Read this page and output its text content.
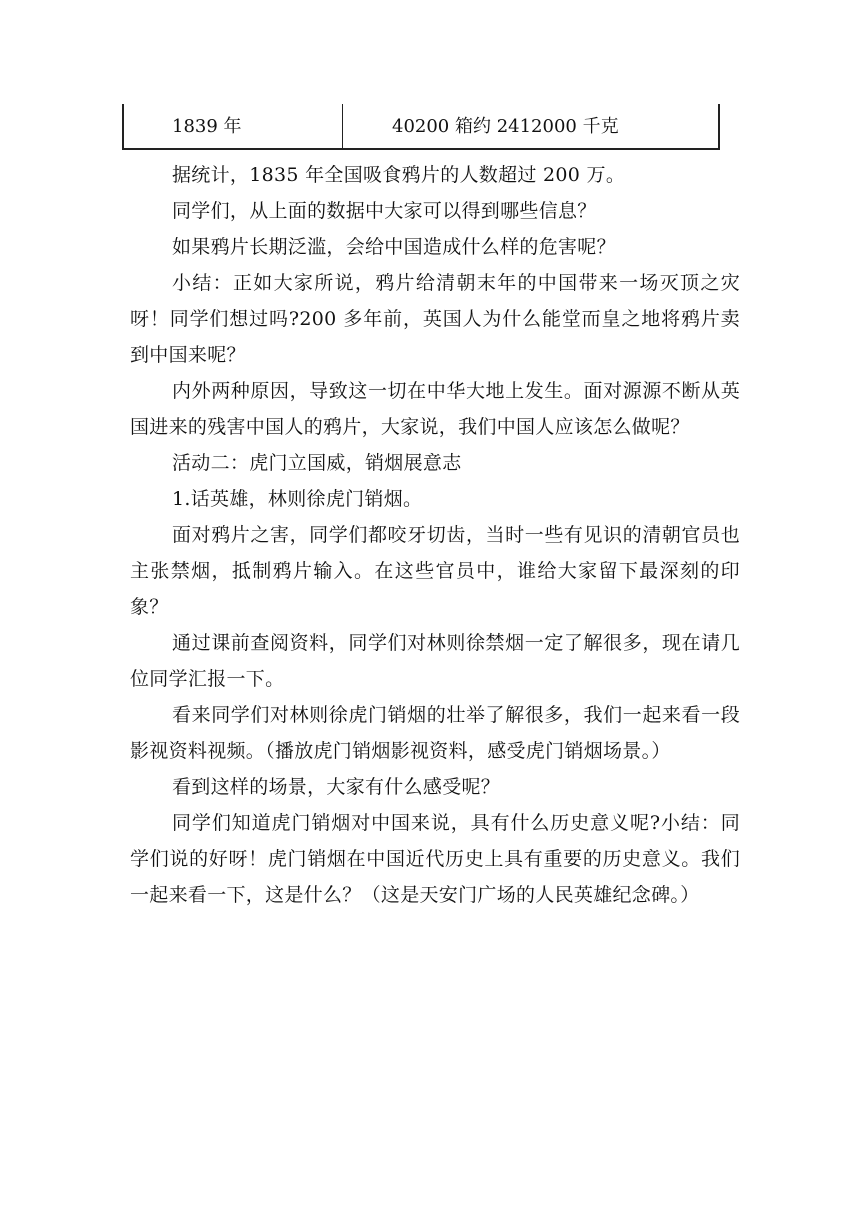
1839 年	40200 箱约 2412000 千克

据统计，1835 年全国吸食鸦片的人数超过 200 万。

同学们，从上面的数据中大家可以得到哪些信息？

如果鸦片长期泛滥，会给中国造成什么样的危害呢？

小结：正如大家所说，鸦片给清朝末年的中国带来一场灭顶之灾呀！同学们想过吗?200 多年前，英国人为什么能堂而皇之地将鸦片卖到中国来呢？

内外两种原因，导致这一切在中华大地上发生。面对源源不断从英国进来的残害中国人的鸦片，大家说，我们中国人应该怎么做呢？

活动二：虎门立国威，销烟展意志

1.话英雄，林则徐虎门销烟。

面对鸦片之害，同学们都咬牙切齿，当时一些有见识的清朝官员也主张禁烟，抵制鸦片输入。在这些官员中，谁给大家留下最深刻的印象？

通过课前查阅资料，同学们对林则徐禁烟一定了解很多，现在请几位同学汇报一下。

看来同学们对林则徐虎门销烟的壮举了解很多，我们一起来看一段影视资料视频。（播放虎门销烟影视资料，感受虎门销烟场景。）

看到这样的场景，大家有什么感受呢？

同学们知道虎门销烟对中国来说，具有什么历史意义呢?小结：同学们说的好呀！虎门销烟在中国近代历史上具有重要的历史意义。我们一起来看一下，这是什么？（这是天安门广场的人民英雄纪念碑。）
